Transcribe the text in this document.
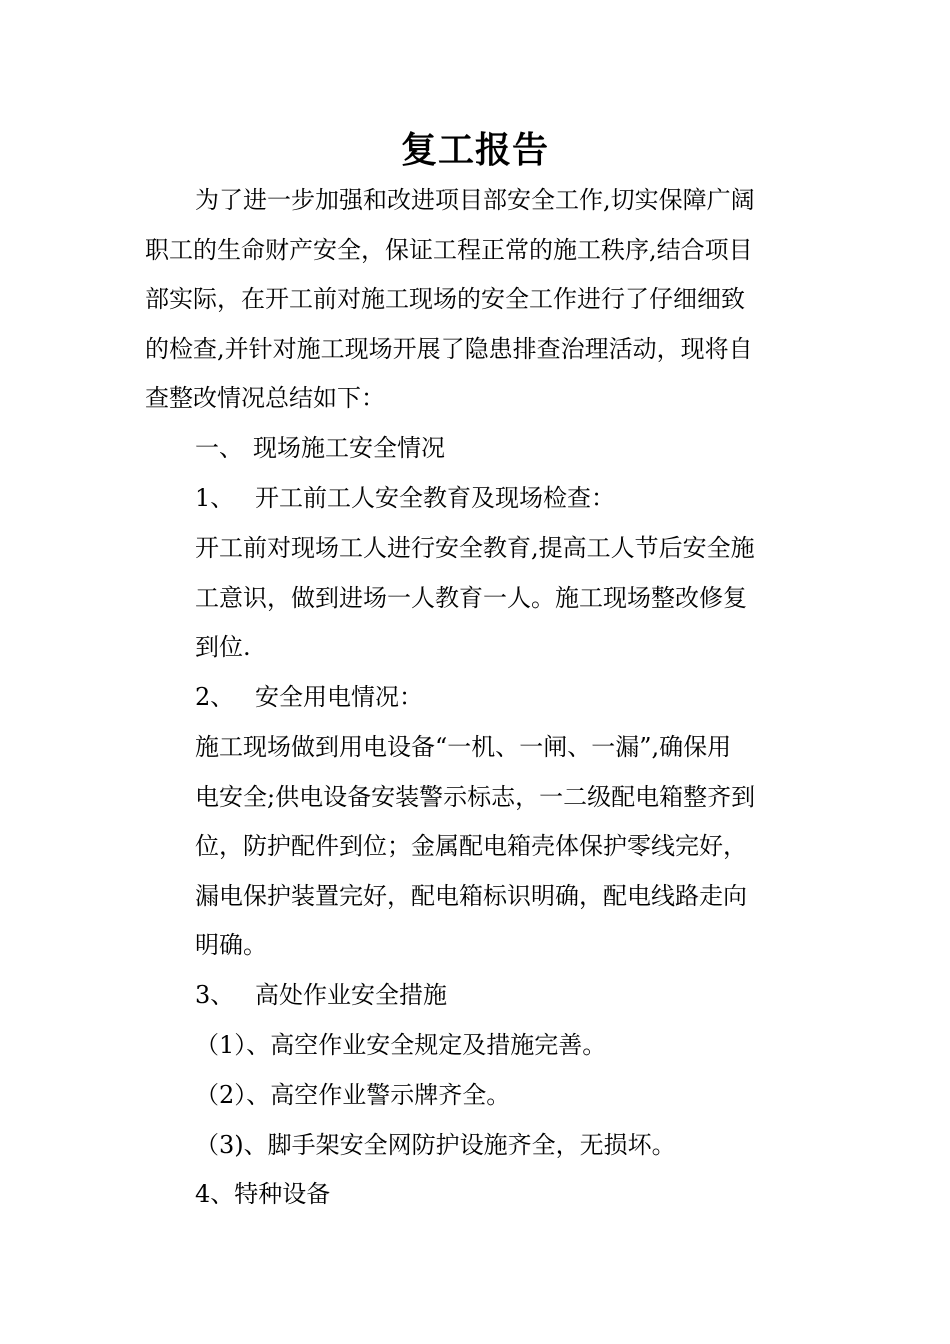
复工报告
为了进一步加强和改进项目部安全工作,切实保障广阔
职工的生命财产安全，保证工程正常的施工秩序,结合项目
部实际，在开工前对施工现场的安全工作进行了仔细细致
的检查,并针对施工现场开展了隐患排查治理活动，现将自
查整改情况总结如下：
一、 现场施工安全情况
1、 开工前工人安全教育及现场检查：
开工前对现场工人进行安全教育,提高工人节后安全施
工意识，做到进场一人教育一人。施工现场整改修复
到位.
2、 安全用电情况：
施工现场做到用电设备“一机、一闸、一漏”,确保用
电安全;供电设备安装警示标志，一二级配电箱整齐到
位，防护配件到位；金属配电箱壳体保护零线完好，
漏电保护装置完好，配电箱标识明确，配电线路走向
明确。
3、 高处作业安全措施
（1）、高空作业安全规定及措施完善。
（2）、高空作业警示牌齐全。
（3)、脚手架安全网防护设施齐全，无损坏。
4、特种设备
